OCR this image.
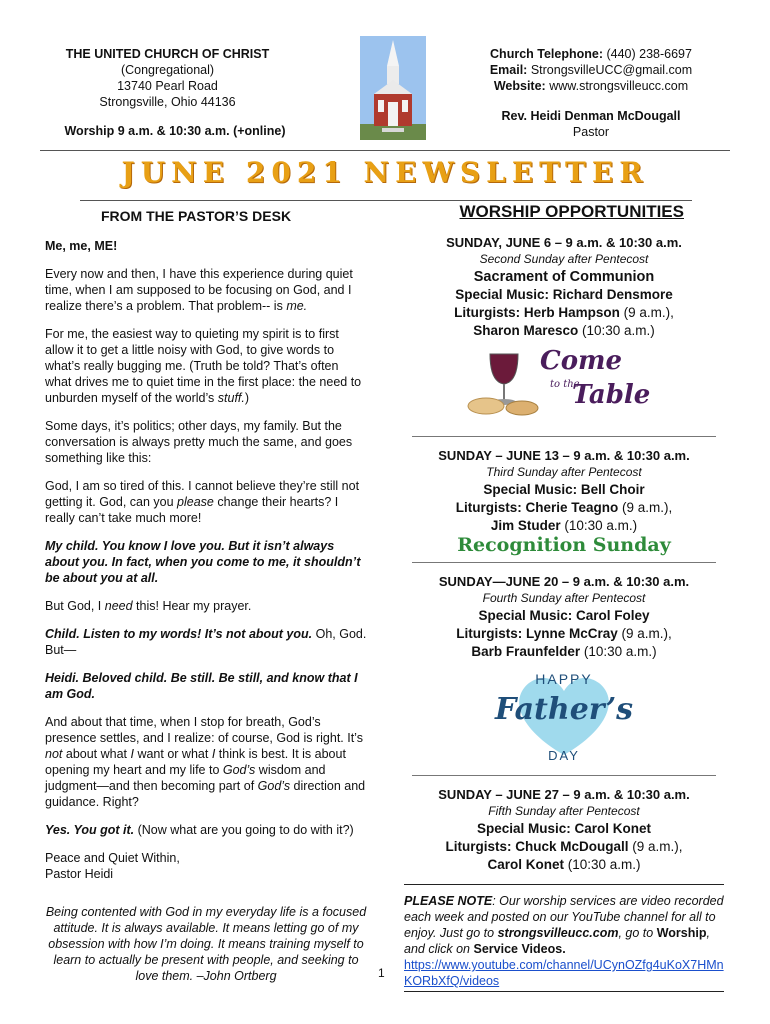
THE UNITED CHURCH OF CHRIST
(Congregational)
13740 Pearl Road
Strongsville, Ohio 44136
Worship 9 a.m. & 10:30 a.m. (+online)
Church Telephone: (440) 238-6697
Email: StrongsvilleUCC@gmail.com
Website: www.strongsvilleucc.com
Rev. Heidi Denman McDougall
Pastor
JUNE 2021 NEWSLETTER
FROM THE PASTOR’S DESK

Me, me, ME!

Every now and then, I have this experience during quiet time, when I am supposed to be focusing on God, and I realize there’s a problem. That problem-- is me.

For me, the easiest way to quieting my spirit is to first allow it to get a little noisy with God, to give words to what’s really bugging me. (Truth be told? That’s often what drives me to quiet time in the first place: the need to unburden myself of the world’s stuff.)

Some days, it’s politics; other days, my family. But the conversation is always pretty much the same, and goes something like this:

God, I am so tired of this. I cannot believe they’re still not getting it. God, can you please change their hearts? I really can’t take much more!

My child. You know I love you. But it isn’t always about you. In fact, when you come to me, it shouldn’t be about you at all.

But God, I need this! Hear my prayer.

Child. Listen to my words! It’s not about you. Oh, God. But—

Heidi. Beloved child. Be still. Be still, and know that I am God.

And about that time, when I stop for breath, God’s presence settles, and I realize: of course, God is right. It’s not about what I want or what I think is best. It is about opening my heart and my life to God’s wisdom and judgment—and then becoming part of God’s direction and guidance. Right?

Yes. You got it. (Now what are you going to do with it?)

Peace and Quiet Within,
Pastor Heidi
Being contented with God in my everyday life is a focused attitude. It is always available. It means letting go of my obsession with how I’m doing. It means training myself to learn to actually be present with people, and seeking to love them. –John Ortberg
WORSHIP OPPORTUNITIES
SUNDAY, JUNE 6 – 9 a.m. & 10:30 a.m.
Second Sunday after Pentecost
Sacrament of Communion
Special Music: Richard Densmore
Liturgists: Herb Hampson (9 a.m.),
Sharon Maresco (10:30 a.m.)
Come
to the
Table
SUNDAY – JUNE 13 – 9 a.m. & 10:30 a.m.
Third Sunday after Pentecost
Special Music: Bell Choir
Liturgists: Cherie Teagno (9 a.m.),
Jim Studer (10:30 a.m.)
Recognition Sunday
SUNDAY—JUNE 20 – 9 a.m. & 10:30 a.m.
Fourth Sunday after Pentecost
Special Music: Carol Foley
Liturgists: Lynne McCray (9 a.m.),
Barb Fraunfelder (10:30 a.m.)
HAPPY
Father’s
DAY
SUNDAY – JUNE 27 – 9 a.m. & 10:30 a.m.
Fifth Sunday after Pentecost
Special Music: Carol Konet
Liturgists: Chuck McDougall (9 a.m.),
Carol Konet (10:30 a.m.)
PLEASE NOTE: Our worship services are video recorded each week and posted on our YouTube channel for all to enjoy. Just go to strongsvilleucc.com, go to Worship, and click on Service Videos.
https://www.youtube.com/channel/UCynOZfg4uKoX7HMnKORbXfQ/videos
1
